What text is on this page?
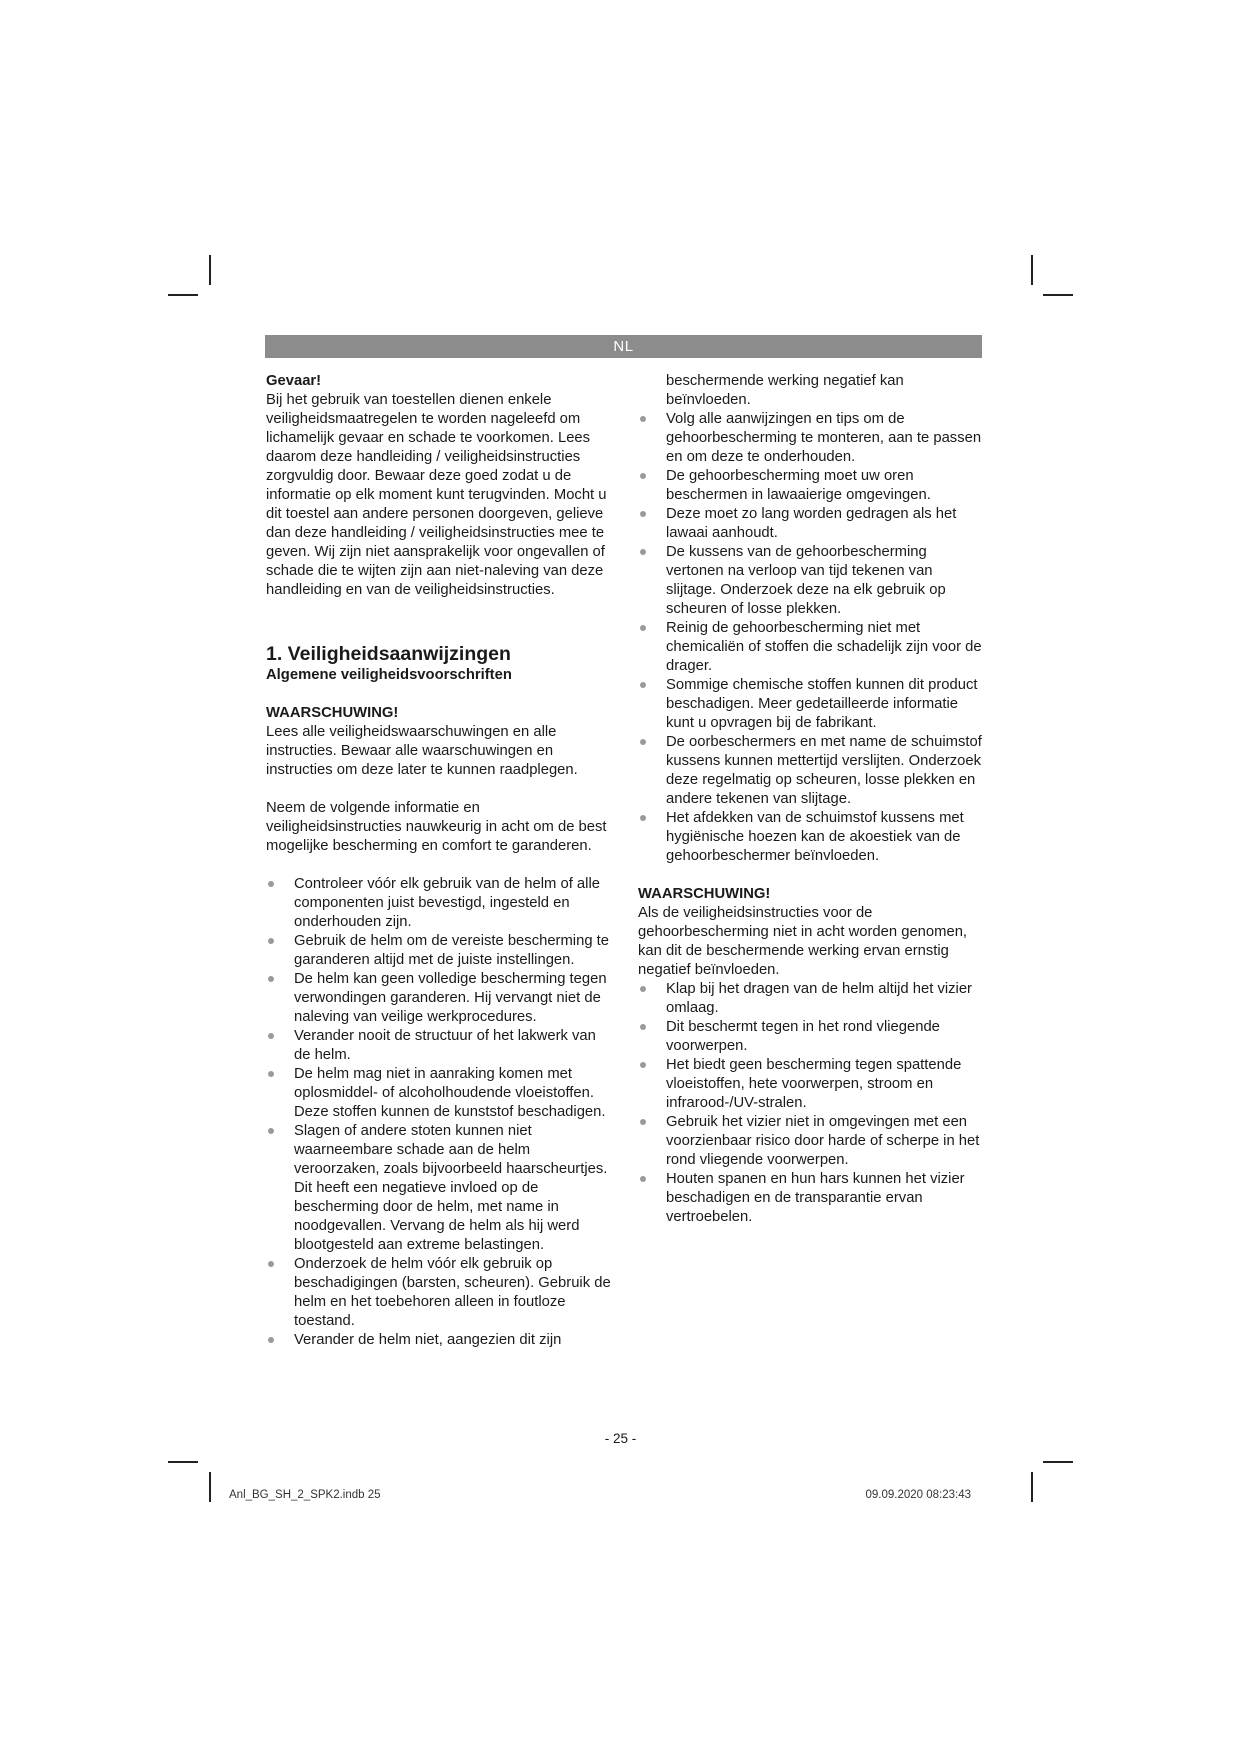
NL

Gevaar!

Bij het gebruik van toestellen dienen enkele veiligheidsmaatregelen te worden nageleefd om lichamelijk gevaar en schade te voorkomen. Lees daarom deze handleiding / veiligheidsinstructies zorgvuldig door. Bewaar deze goed zodat u de informatie op elk moment kunt terugvinden. Mocht u dit toestel aan andere personen doorgeven, gelieve dan deze handleiding / veiligheidsinstructies mee te geven. Wij zijn niet aansprakelijk voor ongevallen of schade die te wijten zijn aan niet-naleving van deze handleiding en van de veiligheidsinstructies.

1. Veiligheidsaanwijzingen

Algemene veiligheidsvoorschriften

WAARSCHUWING!

Lees alle veiligheidswaarschuwingen en alle instructies. Bewaar alle waarschuwingen en instructies om deze later te kunnen raadplegen.

Neem de volgende informatie en veiligheidsinstructies nauwkeurig in acht om de best mogelijke bescherming en comfort te garanderen.

Controleer vóór elk gebruik van de helm of alle componenten juist bevestigd, ingesteld en onderhouden zijn.
Gebruik de helm om de vereiste bescherming te garanderen altijd met de juiste instellingen.
De helm kan geen volledige bescherming tegen verwondingen garanderen. Hij vervangt niet de naleving van veilige werkprocedures.
Verander nooit de structuur of het lakwerk van de helm.
De helm mag niet in aanraking komen met oplosmiddel- of alcoholhoudende vloeistoffen. Deze stoffen kunnen de kunststof beschadigen.
Slagen of andere stoten kunnen niet waarneembare schade aan de helm veroorzaken, zoals bijvoorbeeld haarscheurtjes. Dit heeft een negatieve invloed op de bescherming door de helm, met name in noodgevallen. Vervang de helm als hij werd blootgesteld aan extreme belastingen.
Onderzoek de helm vóór elk gebruik op beschadigingen (barsten, scheuren). Gebruik de helm en het toebehoren alleen in foutloze toestand.
Verander de helm niet, aangezien dit zijn

beschermende werking negatief kan beïnvloeden.

Volg alle aanwijzingen en tips om de gehoorbescherming te monteren, aan te passen en om deze te onderhouden.
De gehoorbescherming moet uw oren beschermen in lawaaierige omgevingen.
Deze moet zo lang worden gedragen als het lawaai aanhoudt.
De kussens van de gehoorbescherming vertonen na verloop van tijd tekenen van slijtage. Onderzoek deze na elk gebruik op scheuren of losse plekken.
Reinig de gehoorbescherming niet met chemicaliën of stoffen die schadelijk zijn voor de drager.
Sommige chemische stoffen kunnen dit product beschadigen. Meer gedetailleerde informatie kunt u opvragen bij de fabrikant.
De oorbeschermers en met name de schuimstof kussens kunnen mettertijd verslijten. Onderzoek deze regelmatig op scheuren, losse plekken en andere tekenen van slijtage.
Het afdekken van de schuimstof kussens met hygiënische hoezen kan de akoestiek van de gehoorbeschermer beïnvloeden.

WAARSCHUWING!

Als de veiligheidsinstructies voor de gehoorbescherming niet in acht worden genomen, kan dit de beschermende werking ervan ernstig negatief beïnvloeden.

Klap bij het dragen van de helm altijd het vizier omlaag.
Dit beschermt tegen in het rond vliegende voorwerpen.
Het biedt geen bescherming tegen spattende vloeistoffen, hete voorwerpen, stroom en infrarood-/UV-stralen.
Gebruik het vizier niet in omgevingen met een voorzienbaar risico door harde of scherpe in het rond vliegende voorwerpen.
Houten spanen en hun hars kunnen het vizier beschadigen en de transparantie ervan vertroebelen.
- 25 -
Anl_BG_SH_2_SPK2.indb 25	09.09.2020 08:23:43
